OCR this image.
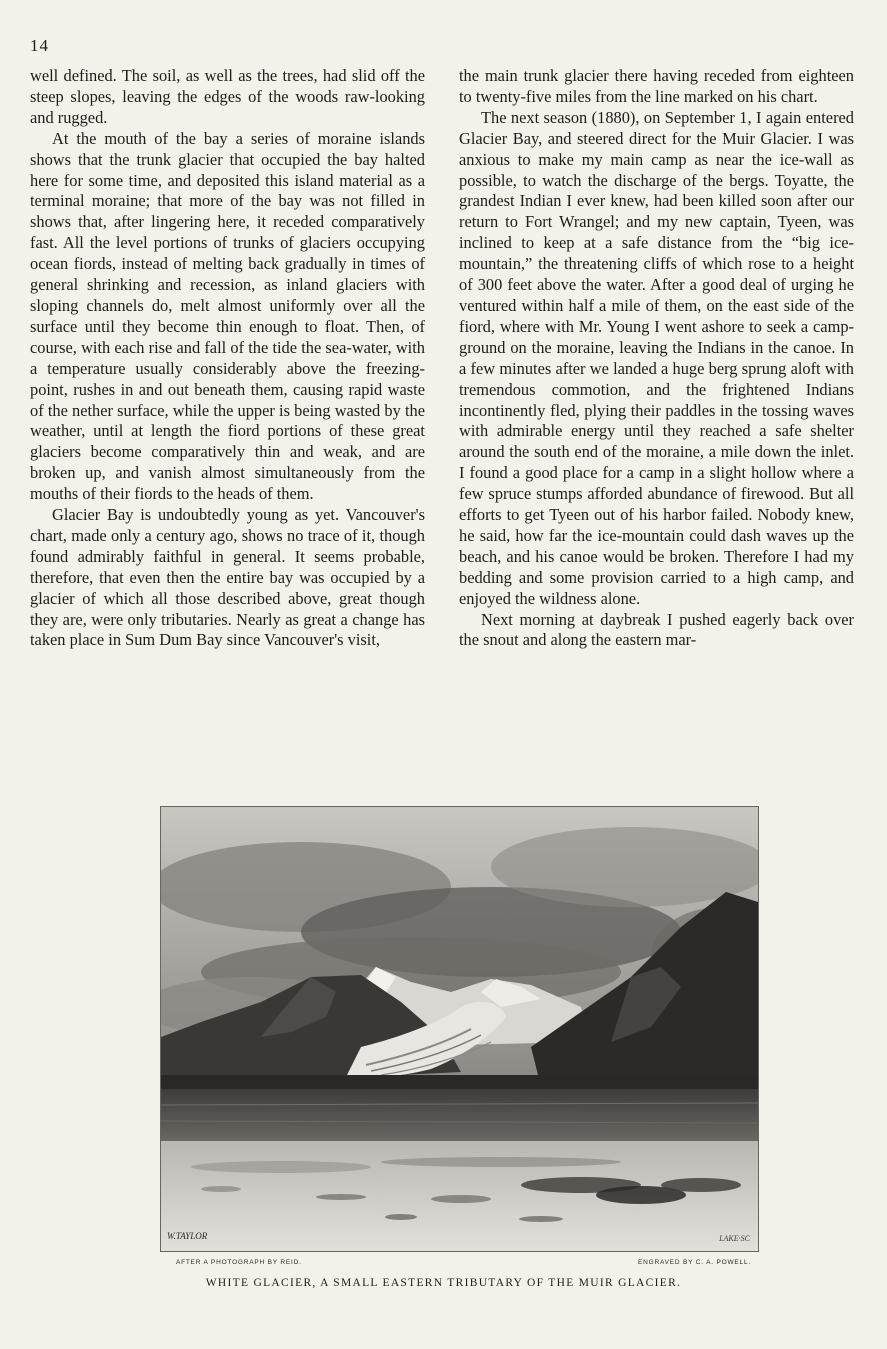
14

well defined. The soil, as well as the trees, had slid off the steep slopes, leaving the edges of the woods raw-looking and rugged.

At the mouth of the bay a series of moraine islands shows that the trunk glacier that occupied the bay halted here for some time, and deposited this island material as a terminal moraine; that more of the bay was not filled in shows that, after lingering here, it receded comparatively fast. All the level portions of trunks of glaciers occupying ocean fiords, instead of melting back gradually in times of general shrinking and recession, as inland glaciers with sloping channels do, melt almost uniformly over all the surface until they become thin enough to float. Then, of course, with each rise and fall of the tide the sea-water, with a temperature usually considerably above the freezing-point, rushes in and out beneath them, causing rapid waste of the nether surface, while the upper is being wasted by the weather, until at length the fiord portions of these great glaciers become comparatively thin and weak, and are broken up, and vanish almost simultaneously from the mouths of their fiords to the heads of them.

Glacier Bay is undoubtedly young as yet. Vancouver's chart, made only a century ago, shows no trace of it, though found admirably faithful in general. It seems probable, therefore, that even then the entire bay was occupied by a glacier of which all those described above, great though they are, were only tributaries. Nearly as great a change has taken place in Sum Dum Bay since Vancouver's visit,

the main trunk glacier there having receded from eighteen to twenty-five miles from the line marked on his chart.

The next season (1880), on September 1, I again entered Glacier Bay, and steered direct for the Muir Glacier. I was anxious to make my main camp as near the ice-wall as possible, to watch the discharge of the bergs. Toyatte, the grandest Indian I ever knew, had been killed soon after our return to Fort Wrangel; and my new captain, Tyeen, was inclined to keep at a safe distance from the “big ice-mountain,” the threatening cliffs of which rose to a height of 300 feet above the water. After a good deal of urging he ventured within half a mile of them, on the east side of the fiord, where with Mr. Young I went ashore to seek a camp-ground on the moraine, leaving the Indians in the canoe. In a few minutes after we landed a huge berg sprung aloft with tremendous commotion, and the frightened Indians incontinently fled, plying their paddles in the tossing waves with admirable energy until they reached a safe shelter around the south end of the moraine, a mile down the inlet. I found a good place for a camp in a slight hollow where a few spruce stumps afforded abundance of firewood. But all efforts to get Tyeen out of his harbor failed. Nobody knew, he said, how far the ice-mountain could dash waves up the beach, and his canoe would be broken. Therefore I had my bedding and some provision carried to a high camp, and enjoyed the wildness alone.

Next morning at daybreak I pushed eagerly back over the snout and along the eastern mar-

W.TAYLOR	LAKE·SC
AFTER A PHOTOGRAPH BY REID.	ENGRAVED BY C. A. POWELL.
WHITE GLACIER, A SMALL EASTERN TRIBUTARY OF THE MUIR GLACIER.
